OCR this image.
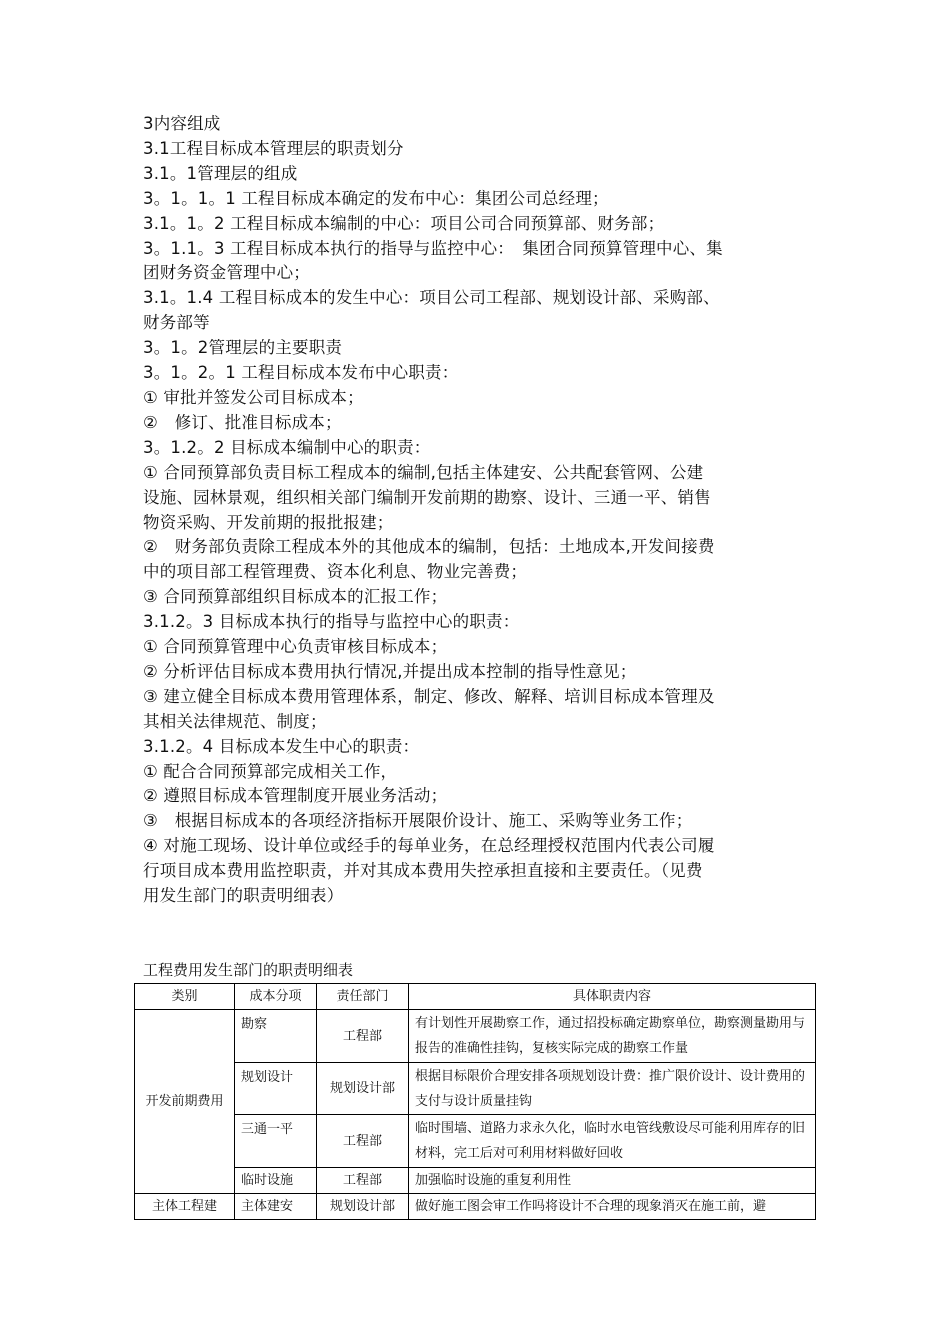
3内容组成

3.1工程目标成本管理层的职责划分

3.1。1管理层的组成

3。1。1。1 工程目标成本确定的发布中心：集团公司总经理；

3.1。1。2 工程目标成本编制的中心：项目公司合同预算部、财务部；

3。1.1。3 工程目标成本执行的指导与监控中心：　集团合同预算管理中心、集

团财务资金管理中心；

3.1。1.4 工程目标成本的发生中心：项目公司工程部、规划设计部、采购部、

财务部等

3。1。2管理层的主要职责

3。1。2。1 工程目标成本发布中心职责：

① 审批并签发公司目标成本；

②　修订、批准目标成本；

3。1.2。2 目标成本编制中心的职责：

① 合同预算部负责目标工程成本的编制,包括主体建安、公共配套管网、公建

设施、园林景观，组织相关部门编制开发前期的勘察、设计、三通一平、销售

物资采购、开发前期的报批报建；

②　财务部负责除工程成本外的其他成本的编制，包括：土地成本,开发间接费

中的项目部工程管理费、资本化利息、物业完善费；

③ 合同预算部组织目标成本的汇报工作；

3.1.2。3 目标成本执行的指导与监控中心的职责：

① 合同预算管理中心负责审核目标成本；

② 分析评估目标成本费用执行情况,并提出成本控制的指导性意见；

③ 建立健全目标成本费用管理体系，制定、修改、解释、培训目标成本管理及

其相关法律规范、制度；

3.1.2。4 目标成本发生中心的职责：

① 配合合同预算部完成相关工作，

② 遵照目标成本管理制度开展业务活动；

③　根据目标成本的各项经济指标开展限价设计、施工、采购等业务工作；

④ 对施工现场、设计单位或经手的每单业务，在总经理授权范围内代表公司履

行项目成本费用监控职责，并对其成本费用失控承担直接和主要责任。（见费

用发生部门的职责明细表）

工程费用发生部门的职责明细表

类别	成本分项	责任部门	具体职责内容
开发前期费用	勘察	工程部	有计划性开展勘察工作，通过招投标确定勘察单位，勘察测量勘用与报告的准确性挂钩，复核实际完成的勘察工作量
	规划设计	规划设计部	根据目标限价合理安排各项规划设计费：推广限价设计、设计费用的支付与设计质量挂钩
	三通一平	工程部	临时围墙、道路力求永久化，临时水电管线敷设尽可能利用库存的旧材料，完工后对可利用材料做好回收
	临时设施	工程部	加强临时设施的重复利用性
主体工程建	主体建安	规划设计部	做好施工图会审工作吗将设计不合理的现象消灭在施工前，避
